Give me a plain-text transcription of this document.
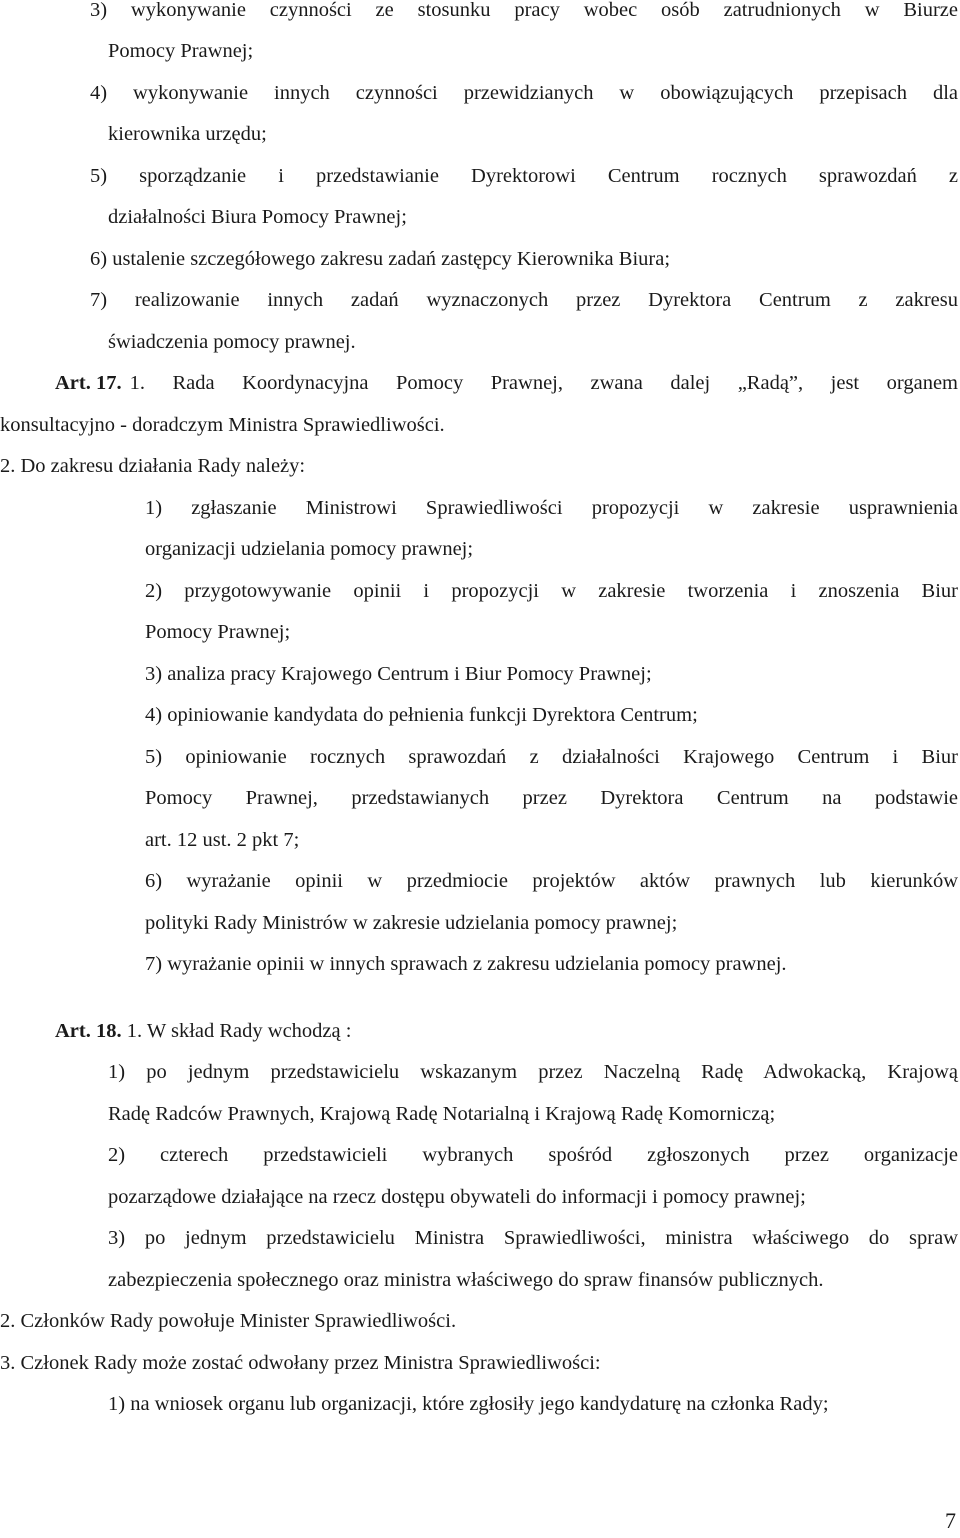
3) wykonywanie czynności ze stosunku pracy wobec osób zatrudnionych w Biurze
Pomocy Prawnej;
4) wykonywanie innych czynności przewidzianych w obowiązujących przepisach dla
kierownika urzędu;
5) sporządzanie i przedstawianie Dyrektorowi Centrum rocznych sprawozdań z
działalności Biura Pomocy Prawnej;
6) ustalenie szczegółowego zakresu zadań zastępcy Kierownika Biura;
7) realizowanie innych zadań wyznaczonych przez Dyrektora Centrum z zakresu
świadczenia pomocy prawnej.
Art. 17. 1. Rada Koordynacyjna Pomocy Prawnej, zwana dalej „Radą”, jest organem
konsultacyjno - doradczym Ministra Sprawiedliwości.
2. Do zakresu działania Rady należy:
1) zgłaszanie Ministrowi Sprawiedliwości propozycji w zakresie usprawnienia
organizacji udzielania pomocy prawnej;
2) przygotowywanie opinii i propozycji w zakresie tworzenia i znoszenia Biur
Pomocy Prawnej;
3) analiza pracy Krajowego Centrum i Biur Pomocy Prawnej;
4) opiniowanie kandydata do pełnienia funkcji Dyrektora Centrum;
5) opiniowanie rocznych sprawozdań z działalności Krajowego Centrum i Biur
Pomocy Prawnej, przedstawianych przez Dyrektora Centrum na podstawie
art. 12 ust. 2 pkt 7;
6) wyrażanie opinii w przedmiocie projektów aktów prawnych lub kierunków
polityki Rady Ministrów w zakresie udzielania pomocy prawnej;
7) wyrażanie opinii w innych sprawach z zakresu udzielania pomocy prawnej.
Art. 18. 1. W skład Rady wchodzą :
1) po jednym przedstawicielu wskazanym przez Naczelną Radę Adwokacką, Krajową
Radę Radców Prawnych, Krajową Radę Notarialną i Krajową Radę Komorniczą;
2) czterech przedstawicieli wybranych spośród zgłoszonych przez organizacje
pozarządowe działające na rzecz dostępu obywateli do informacji i pomocy prawnej;
3) po jednym przedstawicielu Ministra Sprawiedliwości, ministra właściwego do spraw
zabezpieczenia społecznego oraz ministra właściwego do spraw finansów publicznych.
2. Członków Rady powołuje Minister Sprawiedliwości.
3. Członek Rady może zostać odwołany przez Ministra Sprawiedliwości:
1) na wniosek organu lub organizacji, które zgłosiły jego kandydaturę na członka Rady;
7
